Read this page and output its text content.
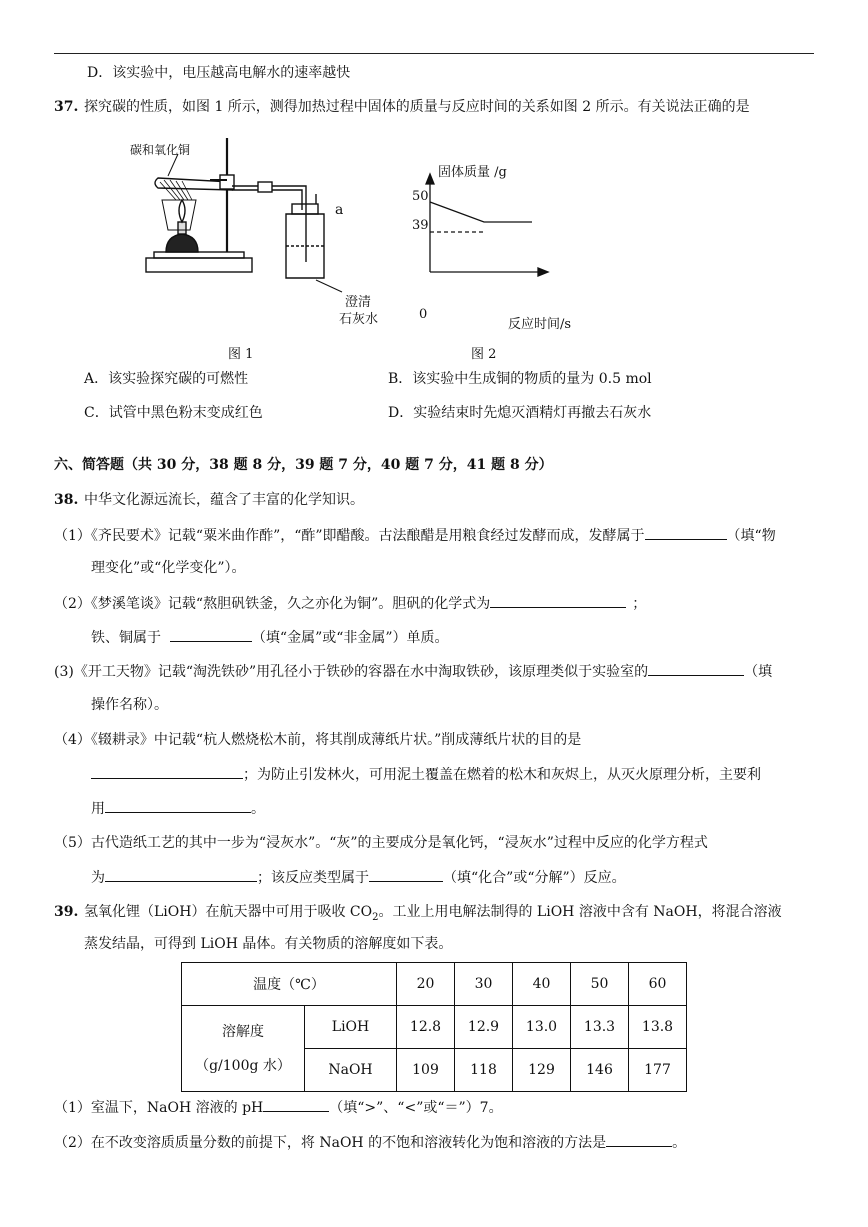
D．该实验中，电压越高电解水的速率越快
37. 探究碳的性质，如图 1 所示，测得加热过程中固体的质量与反应时间的关系如图 2 所示。有关说法正确的是
碳和氧化铜
a
澄清
石灰水
图 1
固体质量 /g
50
39
0
反应时间/s
图 2
A．该实验探究碳的可燃性	B．该实验中生成铜的物质的量为 0.5 mol
C．试管中黑色粉末变成红色	D．实验结束时先熄灭酒精灯再撤去石灰水
六、简答题（共 30 分，38 题 8 分，39 题 7 分，40 题 7 分，41 题 8 分）
38. 中华文化源远流长，蕴含了丰富的化学知识。
（1）《齐民要术》记载“粟米曲作酢”，“酢”即醋酸。古法酿醋是用粮食经过发酵而成，发酵属于	（填“物
理变化”或“化学变化”）。
（2）《梦溪笔谈》记载“熬胆矾铁釜，久之亦化为铜”。胆矾的化学式为	；
铁、铜属于	（填“金属”或“非金属”）单质。
(3)《开工天物》记载“淘洗铁砂”用孔径小于铁砂的容器在水中淘取铁砂，该原理类似于实验室的	（填
操作名称）。
（4）《辍耕录》中记载“杭人燃烧松木前，将其削成薄纸片状。”削成薄纸片状的目的是
；为防止引发林火，可用泥土覆盖在燃着的松木和灰烬上，从灭火原理分析，主要利
用	。
（5）古代造纸工艺的其中一步为“浸灰水”。“灰”的主要成分是氧化钙，“浸灰水”过程中反应的化学方程式
为	；该反应类型属于	（填“化合”或“分解”）反应。
39. 氢氧化锂（LiOH）在航天器中可用于吸收 $CO_2$。工业上用电解法制得的 LiOH 溶液中含有 NaOH，将混合溶液
蒸发结晶，可得到 LiOH 晶体。有关物质的溶解度如下表。
温度（℃）		20	30	40	50	60

溶解度
（g/100g 水）	LiOH	12.8	12.9	13.0	13.3	13.8
	NaOH	109	118	129	146	177
（1）室温下，NaOH 溶液的 pH	（填“>”、“<”或“＝”）7。
（2）在不改变溶质质量分数的前提下，将 NaOH 的不饱和溶液转化为饱和溶液的方法是	。
